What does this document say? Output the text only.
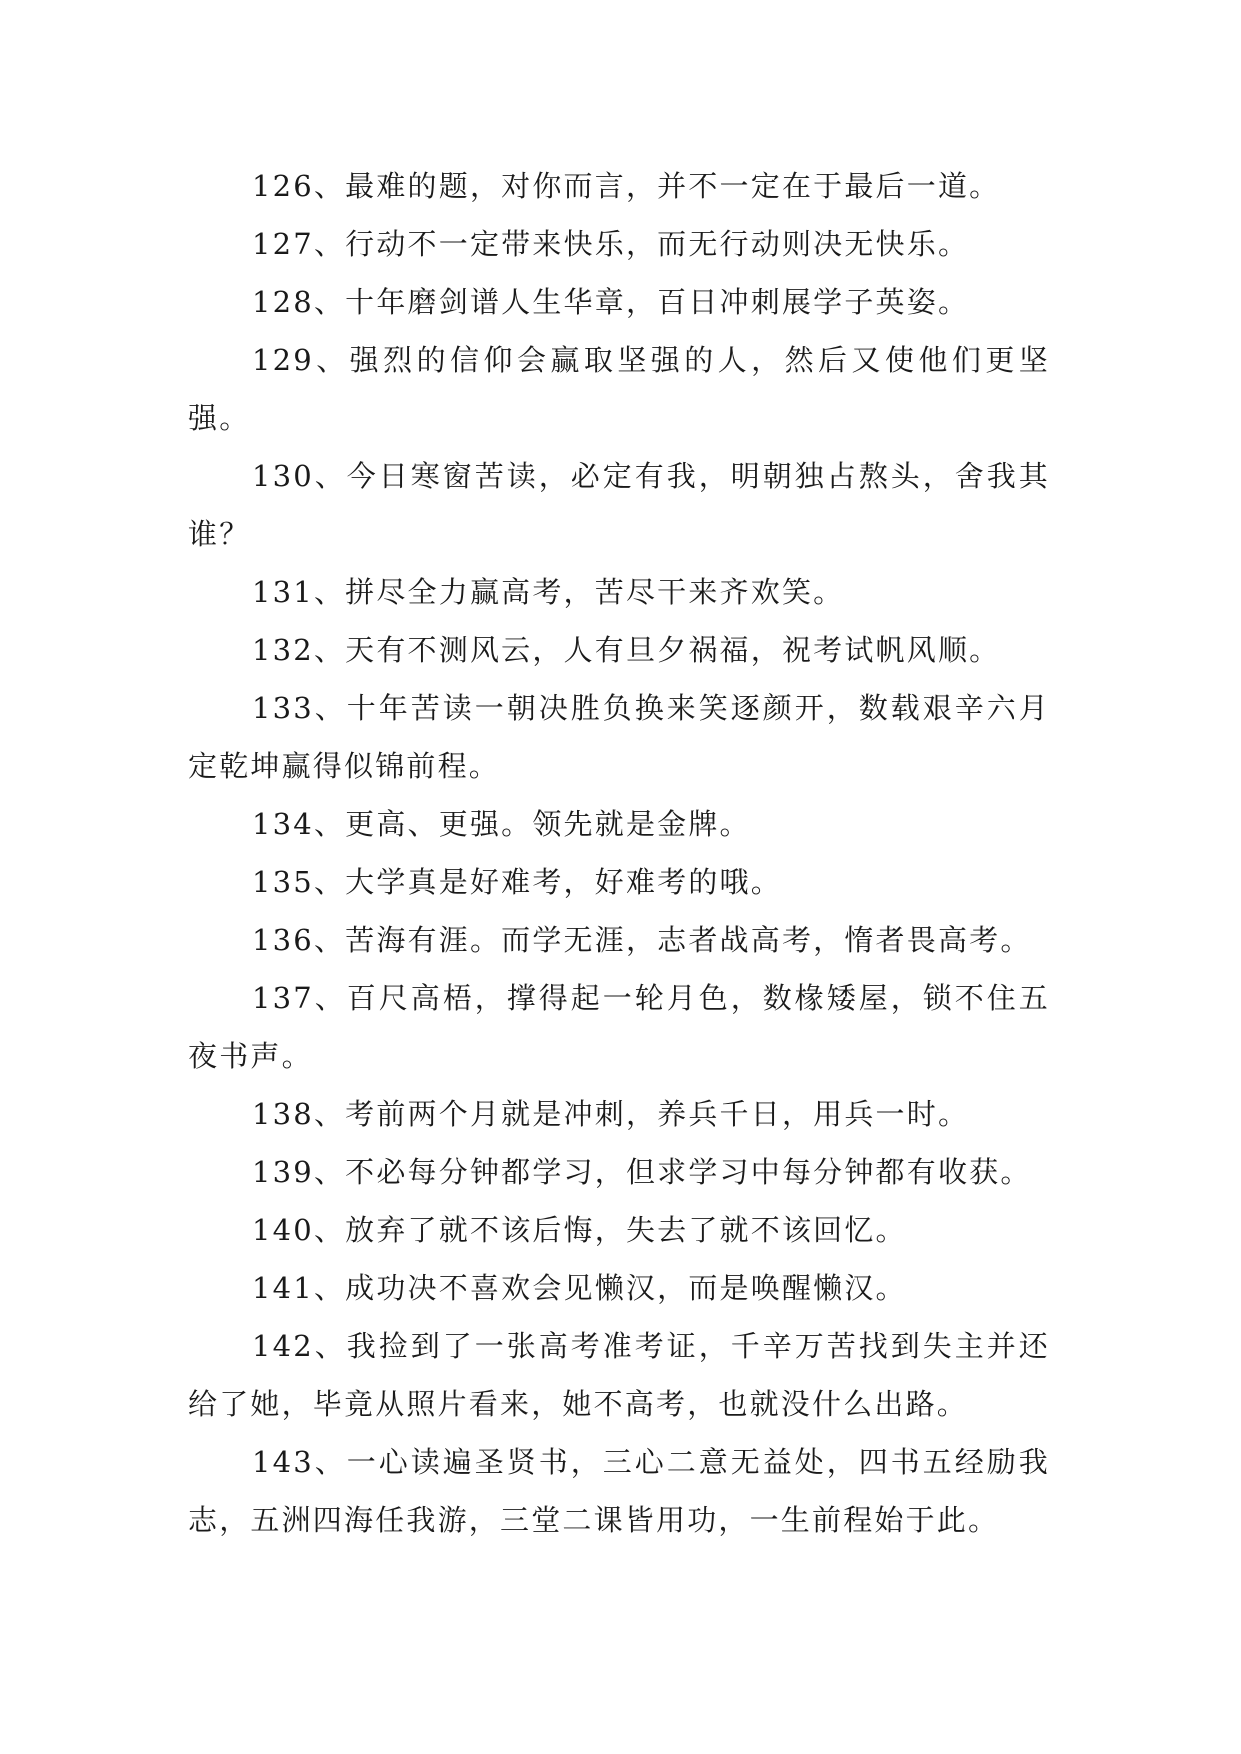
126、最难的题，对你而言，并不一定在于最后一道。

127、行动不一定带来快乐，而无行动则决无快乐。

128、十年磨剑谱人生华章，百日冲刺展学子英姿。

129、强烈的信仰会赢取坚强的人，然后又使他们更坚强。

130、今日寒窗苦读，必定有我，明朝独占熬头，舍我其谁？

131、拼尽全力赢高考，苦尽干来齐欢笑。

132、天有不测风云，人有旦夕祸福，祝考试帆风顺。

133、十年苦读一朝决胜负换来笑逐颜开，数载艰辛六月定乾坤赢得似锦前程。

134、更高、更强。领先就是金牌。

135、大学真是好难考，好难考的哦。

136、苦海有涯。而学无涯，志者战高考，惰者畏高考。

137、百尺高梧，撑得起一轮月色，数椽矮屋，锁不住五夜书声。

138、考前两个月就是冲刺，养兵千日，用兵一时。

139、不必每分钟都学习，但求学习中每分钟都有收获。

140、放弃了就不该后悔，失去了就不该回忆。

141、成功决不喜欢会见懒汉，而是唤醒懒汉。

142、我捡到了一张高考准考证，千辛万苦找到失主并还给了她，毕竟从照片看来，她不高考，也就没什么出路。

143、一心读遍圣贤书，三心二意无益处，四书五经励我志，五洲四海任我游，三堂二课皆用功，一生前程始于此。
